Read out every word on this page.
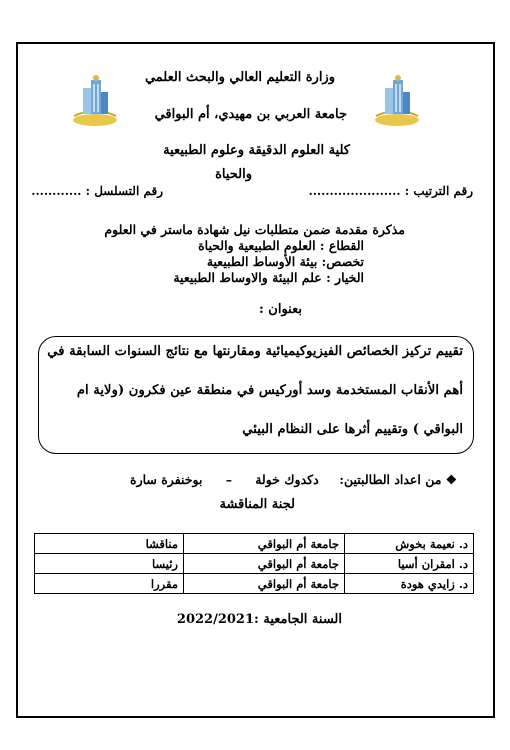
وزارة التعليم العالي والبحث العلمي
جامعة العربي بن مهيدي، أم البواقي
كلية العلوم الدقيقة وعلوم الطبيعية
والحياة
رقم الترتيب : ......................
رقم التسلسل : ............
مذكرة مقدمة ضمن متطلبات نيل شهادة ماستر في العلوم
القطاع : العلوم الطبيعية والحياة
تخصص: بيئة الأوساط الطبيعية
الخيار : علم البيئة والاوساط الطبيعية
بعنوان :
تقييم تركيز الخصائص الفيزيوكيميائية ومقارنتها مع نتائج السنوات السابقة في
أهم الأنقاب المستخدمة وسد أوركيس في منطقة عين فكرون (ولاية ام
البواقي ) وتقييم أثرها على النظام البيئي
❖ من اعداد الطالبتين:  دكدوك خولة – بوخنفرة سارة
لجنة المناقشة
د. نعيمة بخوش	جامعة أم البواقي	مناقشا
د. امقران أسيا	جامعة أم البواقي	رئيسا
د. زايدي هودة	جامعة أم البواقي	مقررا
السنة الجامعية :2022/2021
